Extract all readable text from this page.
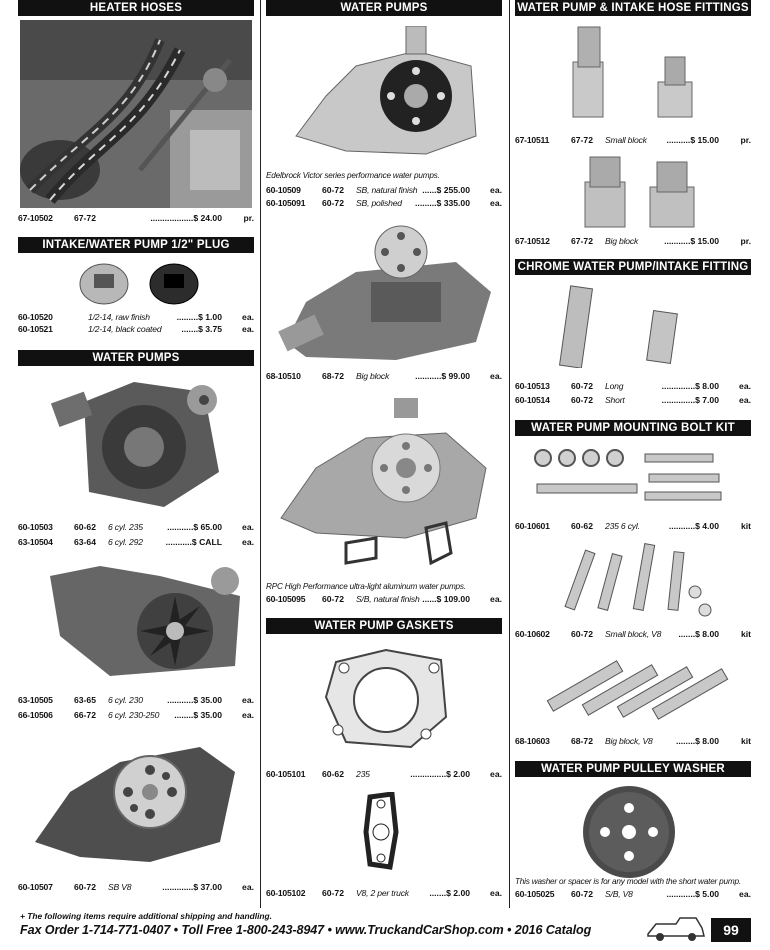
HEATER HOSES
67-10502 67-72	..................$ 24.00	pr.
INTAKE/WATER PUMP 1/2" PLUG
60-10520	1/2-14, raw finish	.........$ 1.00	ea.
60-10521	1/2-14, black coated .......$ 3.75	ea.
WATER PUMPS
60-10503 60-62 6 cyl. 235	...........$ 65.00	ea.
63-10504 63-64 6 cyl. 292	...........$ CALL	ea.
63-10505 63-65 6 cyl. 230	...........$ 35.00	ea.
66-10506 66-72 6 cyl. 230-250 ........$ 35.00	ea.
60-10507 60-72 SB V8	.............$ 37.00	ea.
WATER PUMPS
Edelbrock Victor series performance water pumps.
60-10509 60-72 SB, natural finish ......$ 255.00	ea.
60-105091 60-72 SB, polished .........$ 335.00	ea.
68-10510 68-72 Big block	...........$ 99.00	ea.
RPC High Performance ultra-light aluminum water pumps.
60-105095 60-72 S/B, natural finish ......$ 109.00	ea.
WATER PUMP GASKETS
60-105101 60-62 235	...............$ 2.00	ea.
60-105102 60-72 V8, 2 per truck .......$ 2.00	ea.
WATER PUMP & INTAKE HOSE FITTINGS
67-10511	67-72 Small block ..........$ 15.00	pr.
67-10512 67-72 Big block	...........$ 15.00	pr.
CHROME WATER PUMP/INTAKE FITTING
60-10513 60-72 Long	..............$ 8.00	ea.
60-10514 60-72 Short	..............$ 7.00	ea.
WATER PUMP MOUNTING BOLT KIT
60-10601 60-62 235 6 cyl.	...........$ 4.00	kit
60-10602 60-72 Small block, V8 .......$ 8.00	kit
68-10603 68-72 Big block, V8	........$ 8.00	kit
WATER PUMP PULLEY WASHER
This washer or spacer is for any model with the short water pump.
60-105025 60-72 S/B, V8	............$ 5.00	ea.
+ The following items require additional shipping and handling.
Fax Order 1-714-771-0407 • Toll Free 1-800-243-8947 • www.TruckandCarShop.com • 2016 Catalog	99
